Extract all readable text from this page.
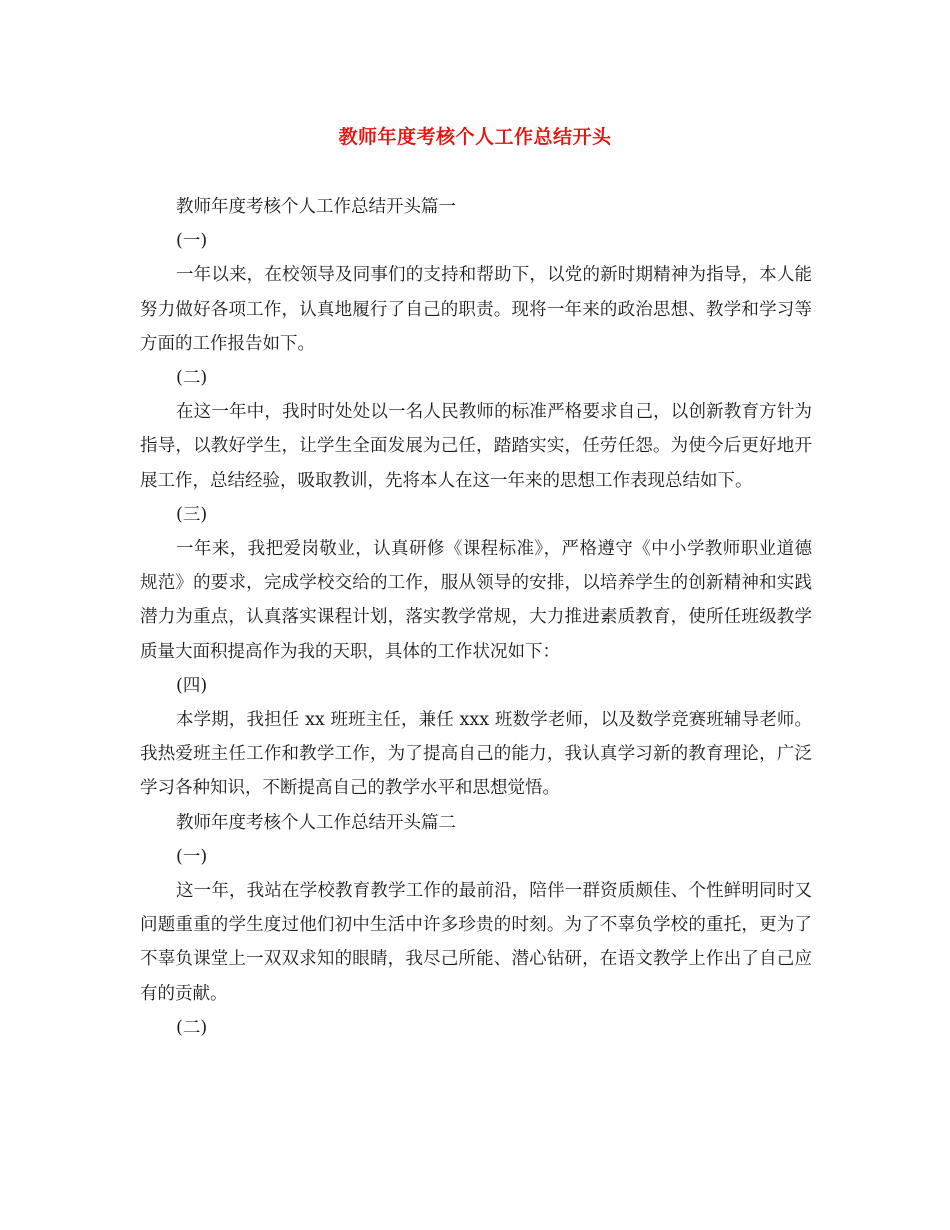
教师年度考核个人工作总结开头

教师年度考核个人工作总结开头篇一

(一)

一年以来，在校领导及同事们的支持和帮助下，以党的新时期精神为指导，本人能努力做好各项工作，认真地履行了自己的职责。现将一年来的政治思想、教学和学习等方面的工作报告如下。

(二)

在这一年中，我时时处处以一名人民教师的标准严格要求自己，以创新教育方针为指导，以教好学生，让学生全面发展为己任，踏踏实实，任劳任怨。为使今后更好地开展工作，总结经验，吸取教训，先将本人在这一年来的思想工作表现总结如下。

(三)

一年来，我把爱岗敬业，认真研修《课程标准》，严格遵守《中小学教师职业道德规范》的要求，完成学校交给的工作，服从领导的安排，以培养学生的创新精神和实践潜力为重点，认真落实课程计划，落实教学常规，大力推进素质教育，使所任班级教学质量大面积提高作为我的天职，具体的工作状况如下：

(四)

本学期，我担任 xx 班班主任，兼任 xxx 班数学老师，以及数学竞赛班辅导老师。我热爱班主任工作和教学工作，为了提高自己的能力，我认真学习新的教育理论，广泛学习各种知识，不断提高自己的教学水平和思想觉悟。

教师年度考核个人工作总结开头篇二

(一)

这一年，我站在学校教育教学工作的最前沿，陪伴一群资质颇佳、个性鲜明同时又问题重重的学生度过他们初中生活中许多珍贵的时刻。为了不辜负学校的重托，更为了不辜负课堂上一双双求知的眼睛，我尽己所能、潜心钻研，在语文教学上作出了自己应有的贡献。

(二)
